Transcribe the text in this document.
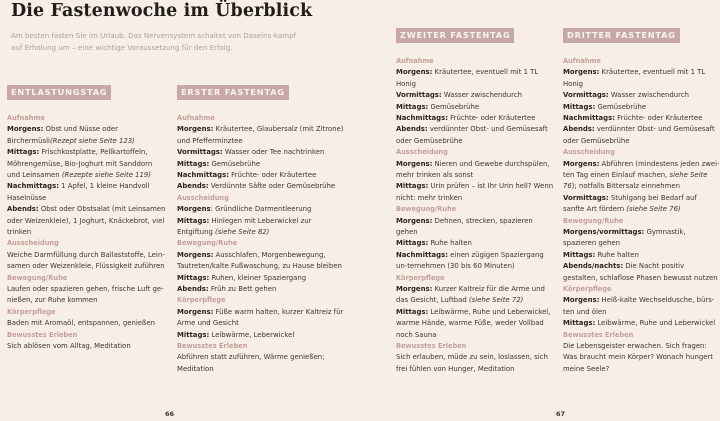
Die Fastenwoche im Überblick

Am besten fasten Sie im Urlaub. Das Nervensystem schaltet von Daseins-kampf auf Erholung um – eine wichtige Voraussetzung für den Erfolg.

ENTLASTUNGSTAG
Aufnahme
Morgens: Obst und Nüsse oder Birchermüsli(Rezept siehe Seite 123)
Mittags: Frischkostplatte, Pellkartoffeln, Möhrengemüse, Bio-Joghurt mit Sanddorn und Leinsamen (Rezepte siehe Seite 119)
Nachmittags: 1 Apfel, 1 kleine Handvoll Haselnüsse
Abends: Obst oder Obstsalat (mit Leinsamen oder Weizenkleie), 1 Joghurt, Knäckebrot, viel trinken
Ausscheidung
Weiche Darmfüllung durch Ballaststoffe, Lein-samen oder Weizenkleie, Flüssigkeit zuführen
Bewegung/Ruhe
Laufen oder spazieren gehen, frische Luft ge-nießen, zur Ruhe kommen
Körperpflege
Baden mit Aromaöl, entspannen, genießen
Bewusstes Erleben
Sich ablösen vom Alltag, Meditation
ERSTER FASTENTAG
Aufnahme
Morgens: Kräutertee, Glaubersalz (mit Zitrone) und Pfefferminztee
Vormittags: Wasser oder Tee nachtrinken
Mittags: Gemüsebrühe
Nachmittags: Früchte- oder Kräutertee
Abends: Verdünnte Säfte oder Gemüsebrühe
Ausscheidung
Morgens: Gründliche Darmentleerung
Mittags: Hinlegen mit Leberwickel zur Entgiftung (siehe Seite 82)
Bewegung/Ruhe
Morgens: Ausschlafen, Morgenbewegung, Tautreten/kalte Fußwaschung, zu Hause bleiben
Mittags: Ruhen, kleiner Spaziergang
Abends: Früh zu Bett gehen
Körperpflege
Morgens: Füße warm halten, kurzer Kaltreiz für Arme und Gesicht
Mittags: Leibwärme, Leberwickel
Bewusstes Erleben
Abführen statt zuführen, Wärme genießen; Meditation
66	67
ZWEITER FASTENTAG
Aufnahme
Morgens: Kräutertee, eventuell mit 1 TL Honig
Vormittags: Wasser zwischendurch
Mittags: Gemüsebrühe
Nachmittags: Früchte- oder Kräutertee
Abends: verdünnter Obst- und Gemüsesaft oder Gemüsebrühe
Ausscheidung
Morgens: Nieren und Gewebe durchspülen, mehr trinken als sonst
Mittags: Urin prüfen – ist Ihr Urin hell? Wenn nicht: mehr trinken
Bewegung/Ruhe
Morgens: Dehnen, strecken, spazieren gehen
Mittags: Ruhe halten
Nachmittags: einen zügigen Spaziergang un-ternehmen (30 bis 60 Minuten)
Körperpflege
Morgens: Kurzer Kaltreiz für die Arme und das Gesicht, Luftbad (siehe Seite 72)
Mittags: Leibwärme, Ruhe und Leberwickel, warme Hände, warme Füße, weder Vollbad noch Sauna
Bewusstes Erleben
Sich erlauben, müde zu sein, loslassen, sich frei fühlen von Hunger, Meditation
DRITTER FASTENTAG
Aufnahme
Morgens: Kräutertee, eventuell mit 1 TL Honig
Vormittags: Wasser zwischendurch
Mittags: Gemüsebrühe
Nachmittags: Früchte- oder Kräutertee
Abends: verdünnter Obst- und Gemüsesaft oder Gemüsebrühe
Ausscheidung
Morgens: Abführen (mindestens jeden zwei-ten Tag einen Einlauf machen, siehe Seite 76); notfalls Bittersalz einnehmen
Vormittags: Stuhlgang bei Bedarf auf sanfte Art fördern (siehe Seite 76)
Bewegung/Ruhe
Morgens/vormittags: Gymnastik, spazieren gehen
Mittags: Ruhe halten
Abends/nachts: Die Nacht positiv gestalten, schlaflose Phasen bewusst nutzen
Körperpflege
Morgens: Heiß-kalte Wechseldusche, bürs-ten und ölen
Mittags: Leibwärme, Ruhe und Leberwickel
Bewusstes Erleben
Die Lebensgeister erwachen. Sich fragen: Was braucht mein Körper? Wonach hungert meine Seele?
